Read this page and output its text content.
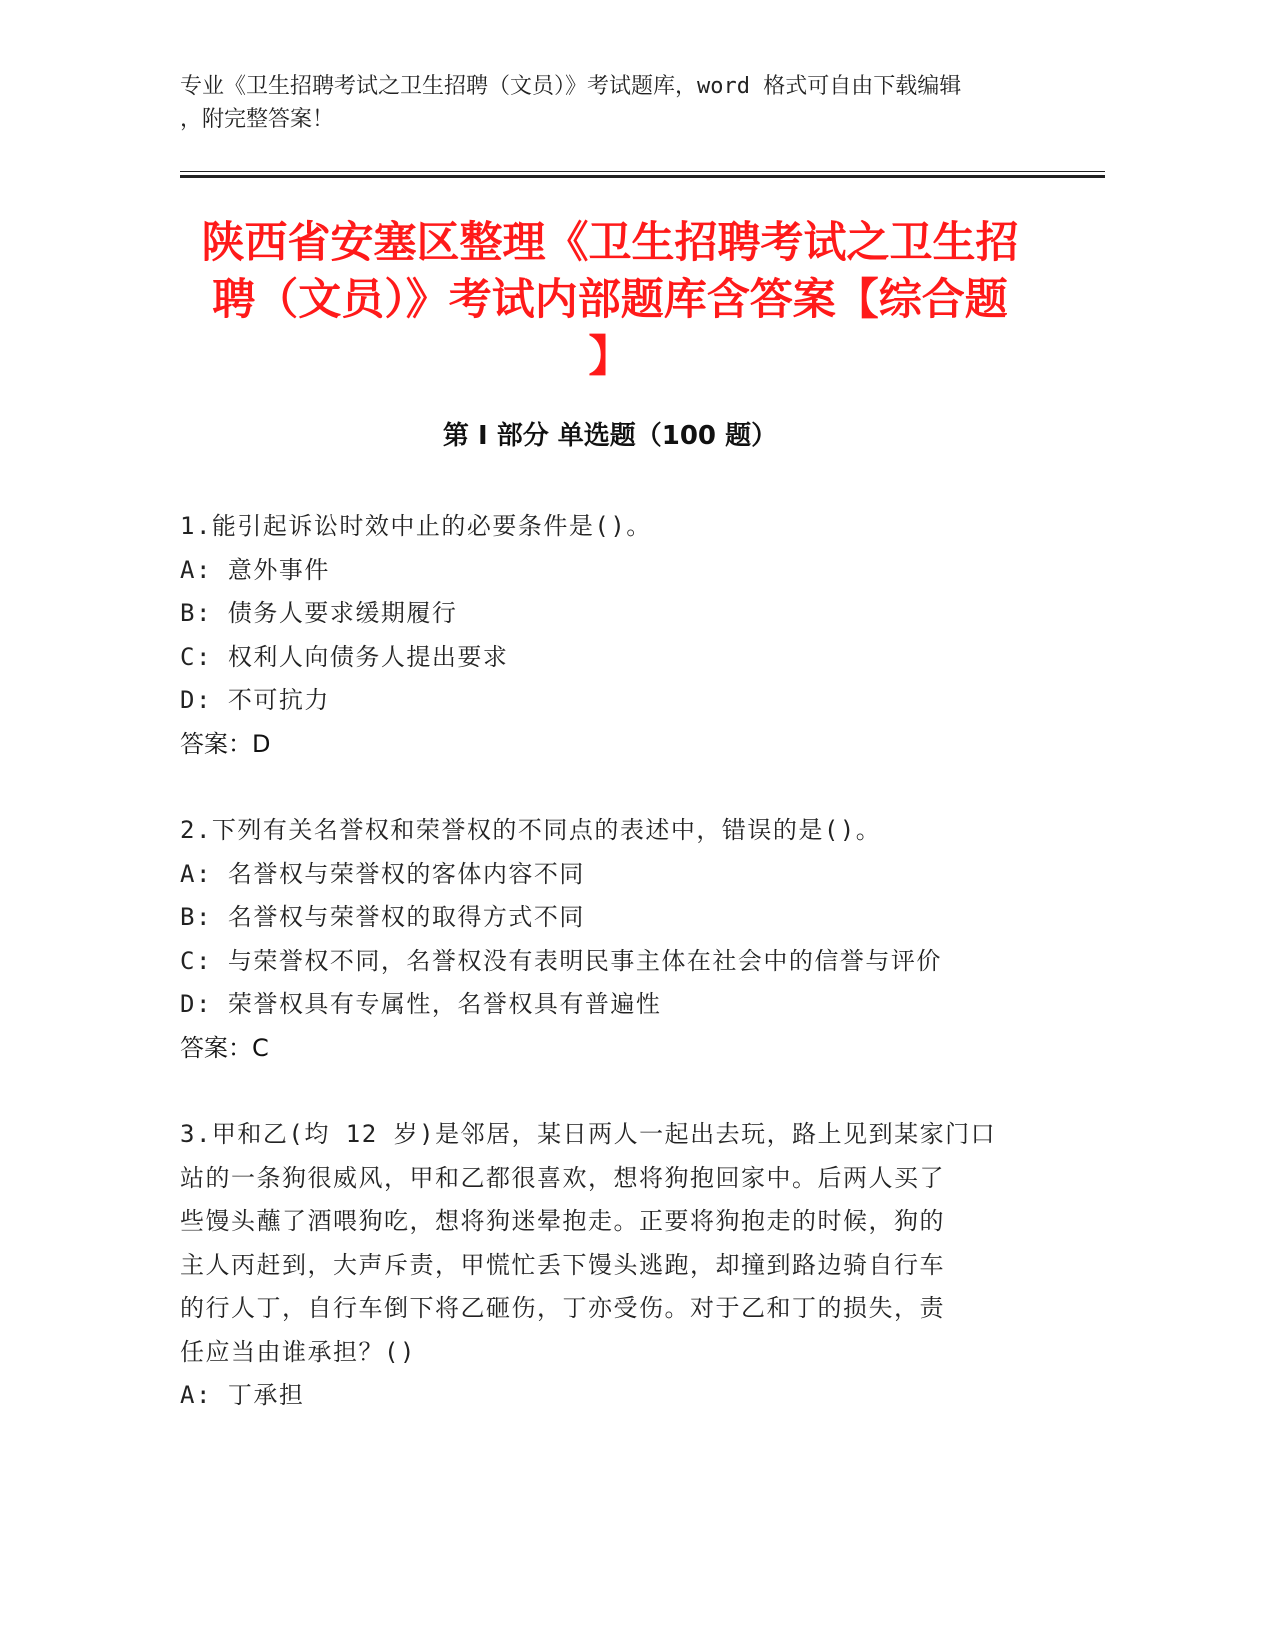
专业《卫生招聘考试之卫生招聘（文员）》考试题库，word 格式可自由下载编辑

，附完整答案！

陕西省安塞区整理《卫生招聘考试之卫生招
聘（文员）》考试内部题库含答案【综合题
】
第 I 部分 单选题（100 题）

1.能引起诉讼时效中止的必要条件是()。

A: 意外事件

B: 债务人要求缓期履行

C: 权利人向债务人提出要求

D: 不可抗力

答案：D

2.下列有关名誉权和荣誉权的不同点的表述中，错误的是()。

A: 名誉权与荣誉权的客体内容不同

B: 名誉权与荣誉权的取得方式不同

C: 与荣誉权不同，名誉权没有表明民事主体在社会中的信誉与评价

D: 荣誉权具有专属性，名誉权具有普遍性

答案：C

3.甲和乙(均 12 岁)是邻居，某日两人一起出去玩，路上见到某家门口

站的一条狗很威风，甲和乙都很喜欢，想将狗抱回家中。后两人买了

些馒头蘸了酒喂狗吃，想将狗迷晕抱走。正要将狗抱走的时候，狗的

主人丙赶到，大声斥责，甲慌忙丢下馒头逃跑，却撞到路边骑自行车

的行人丁，自行车倒下将乙砸伤，丁亦受伤。对于乙和丁的损失，责

任应当由谁承担？()

A: 丁承担
